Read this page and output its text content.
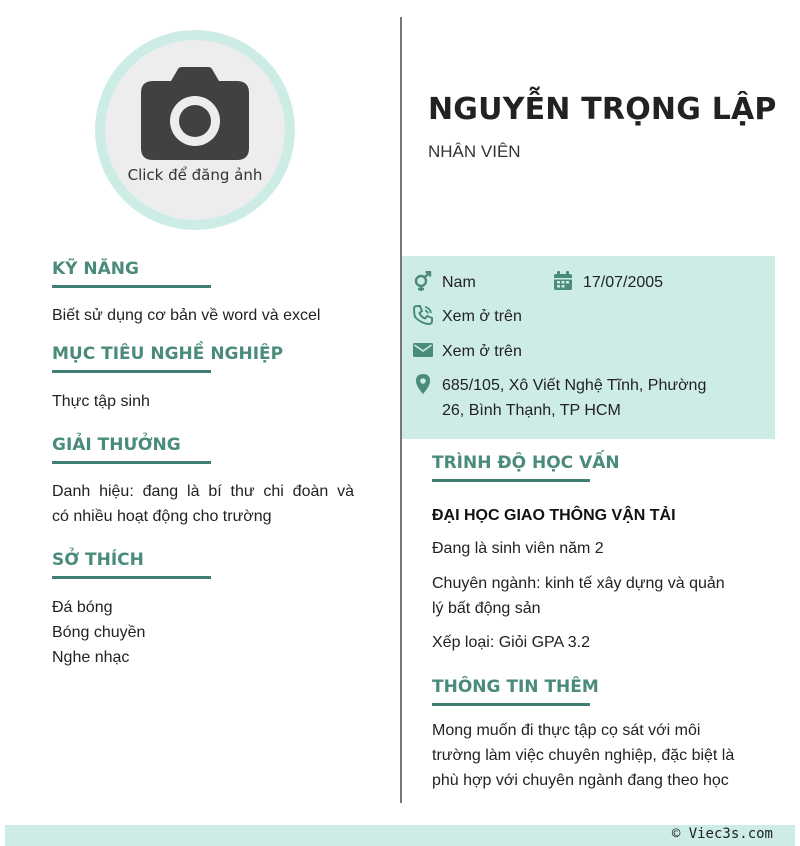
Click để đăng ảnh
KỸ NĂNG
Biết sử dụng cơ bản về word và excel
MỤC TIÊU NGHỀ NGHIỆP
Thực tập sinh
GIẢI THƯỞNG
Danh hiệu: đang là bí thư chi đoàn và
có nhiều hoạt động cho trường
SỞ THÍCH
Đá bóng
Bóng chuyền
Nghe nhạc
NGUYỄN TRỌNG LẬP
NHÂN VIÊN
Nam	17/07/2005
Xem ở trên
Xem ở trên
685/105, Xô Viết Nghệ Tĩnh, Phường
26, Bình Thạnh, TP HCM
TRÌNH ĐỘ HỌC VẤN
ĐẠI HỌC GIAO THÔNG VẬN TẢI
Đang là sinh viên năm 2
Chuyên ngành: kinh tế xây dựng và quản
lý bất động sản
Xếp loại: Giỏi GPA 3.2
THÔNG TIN THÊM
Mong muốn đi thực tập cọ sát với môi
trường làm việc chuyên nghiệp, đặc biệt là
phù hợp với chuyên ngành đang theo học
© Viec3s.com
